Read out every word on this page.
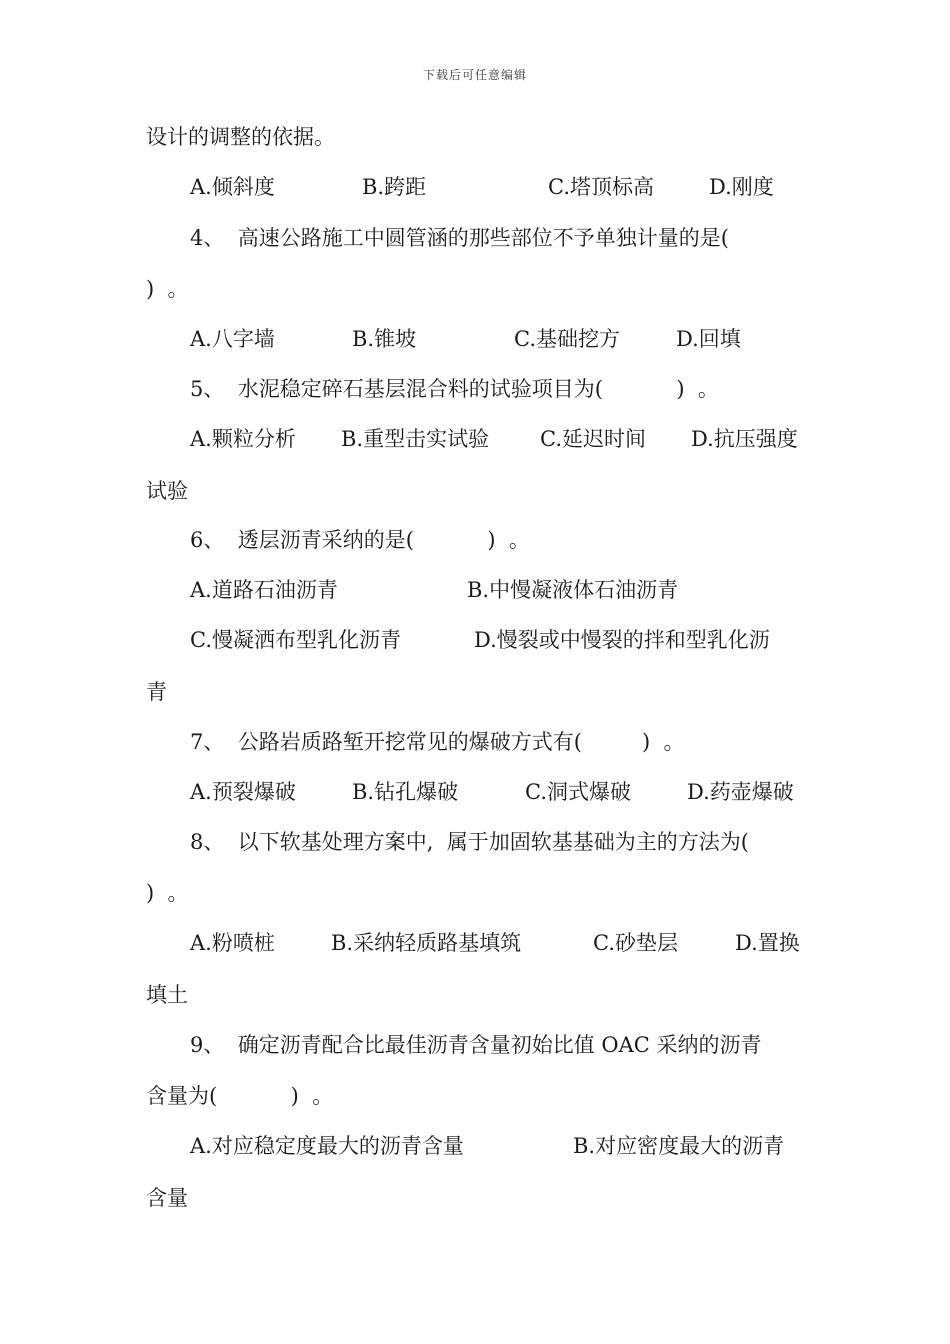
下载后可任意编辑
设计的调整的依据。
A.倾斜度	B.跨距	C.塔顶标高	D.刚度
4、  高速公路施工中圆管涵的那些部位不予单独计量的是(
)  。
A.八字墙	B.锥坡	C.基础挖方	D.回填
5、  水泥稳定碎石基层混合料的试验项目为(           )  。
A.颗粒分析 B.重型击实试验 C.延迟时间 D.抗压强度
试验
6、  透层沥青采纳的是(           )  。
A.道路石油沥青	B.中慢凝液体石油沥青
C.慢凝洒布型乳化沥青	D.慢裂或中慢裂的拌和型乳化沥
青
7、  公路岩质路堑开挖常见的爆破方式有(         )  。
A.预裂爆破	B.钻孔爆破	C.洞式爆破	D.药壶爆破
8、  以下软基处理方案中,  属于加固软基基础为主的方法为(
)  。
A.粉喷桩	B.采纳轻质路基填筑	C.砂垫层	D.置换
填土
9、  确定沥青配合比最佳沥青含量初始比值 OAC 采纳的沥青
含量为(           )  。
A.对应稳定度最大的沥青含量	B.对应密度最大的沥青
含量
